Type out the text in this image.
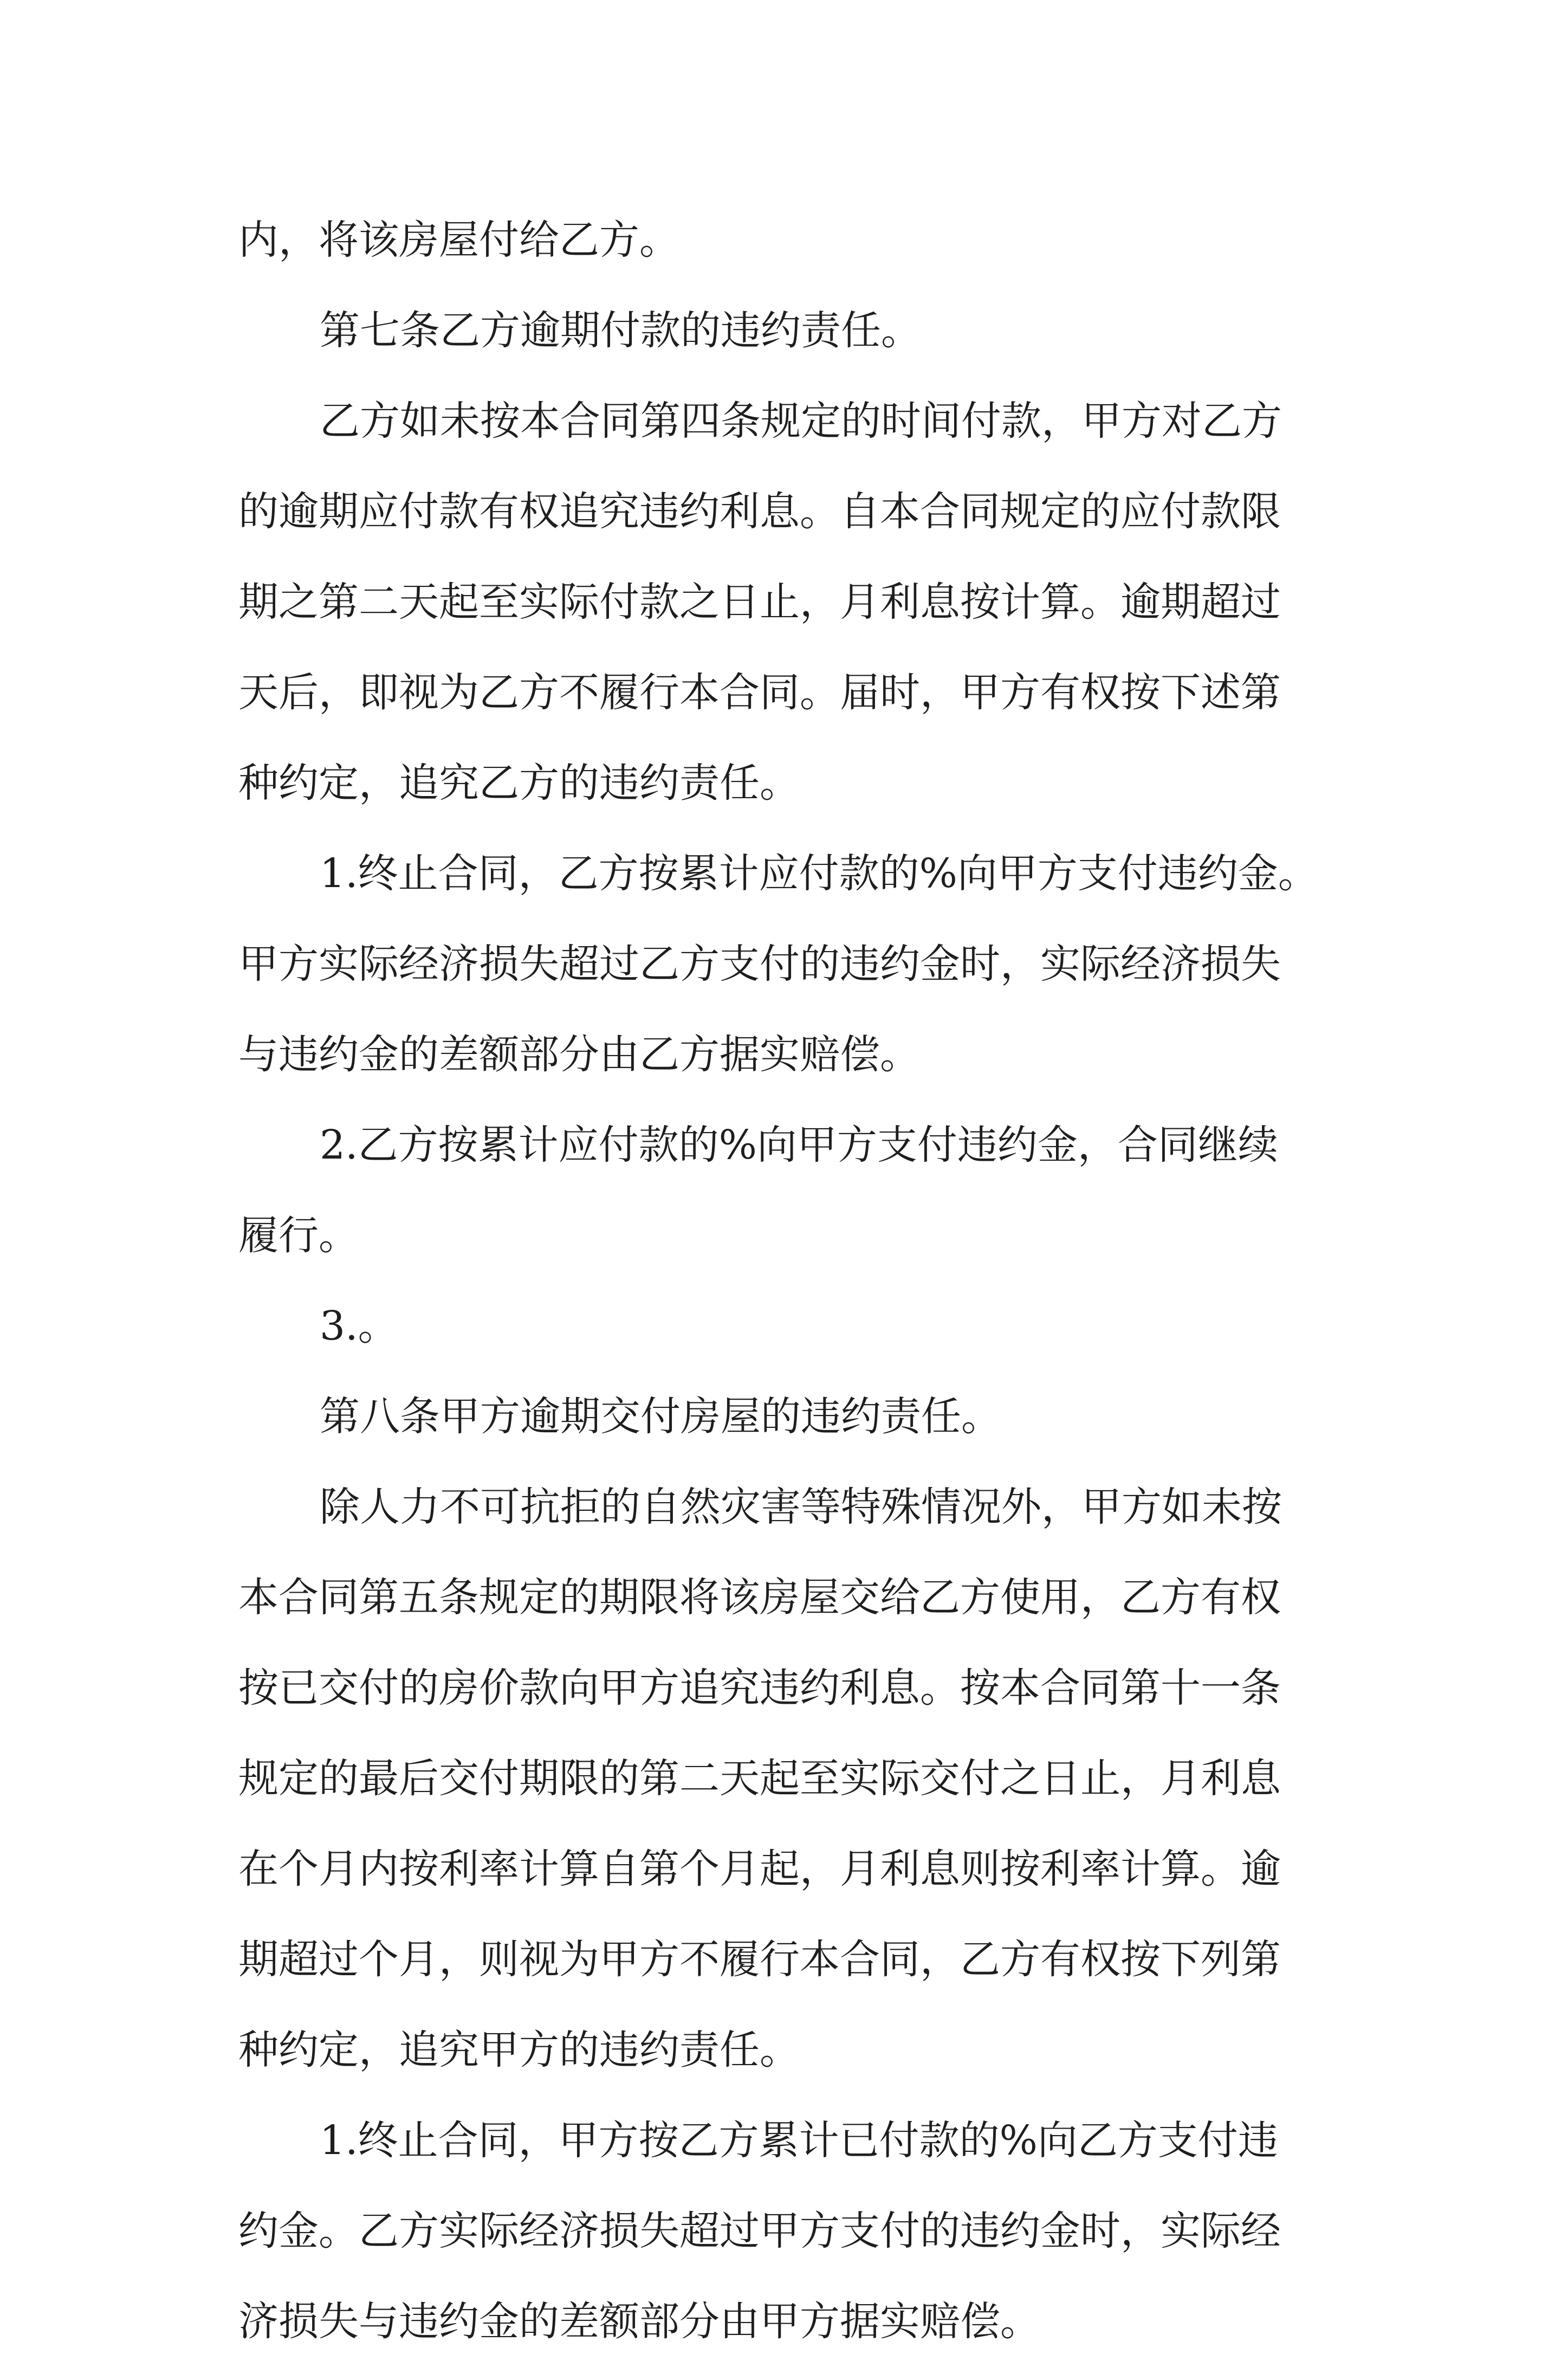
内，将该房屋付给乙方。

第七条乙方逾期付款的违约责任。

乙方如未按本合同第四条规定的时间付款，甲方对乙方

的逾期应付款有权追究违约利息。自本合同规定的应付款限

期之第二天起至实际付款之日止，月利息按计算。逾期超过

天后，即视为乙方不履行本合同。届时，甲方有权按下述第

种约定，追究乙方的违约责任。

1.终止合同，乙方按累计应付款的%向甲方支付违约金。

甲方实际经济损失超过乙方支付的违约金时，实际经济损失

与违约金的差额部分由乙方据实赔偿。

2.乙方按累计应付款的%向甲方支付违约金，合同继续

履行。

3.。

第八条甲方逾期交付房屋的违约责任。

除人力不可抗拒的自然灾害等特殊情况外，甲方如未按

本合同第五条规定的期限将该房屋交给乙方使用，乙方有权

按已交付的房价款向甲方追究违约利息。按本合同第十一条

规定的最后交付期限的第二天起至实际交付之日止，月利息

在个月内按利率计算自第个月起，月利息则按利率计算。逾

期超过个月，则视为甲方不履行本合同，乙方有权按下列第

种约定，追究甲方的违约责任。

1.终止合同，甲方按乙方累计已付款的%向乙方支付违

约金。乙方实际经济损失超过甲方支付的违约金时，实际经

济损失与违约金的差额部分由甲方据实赔偿。
